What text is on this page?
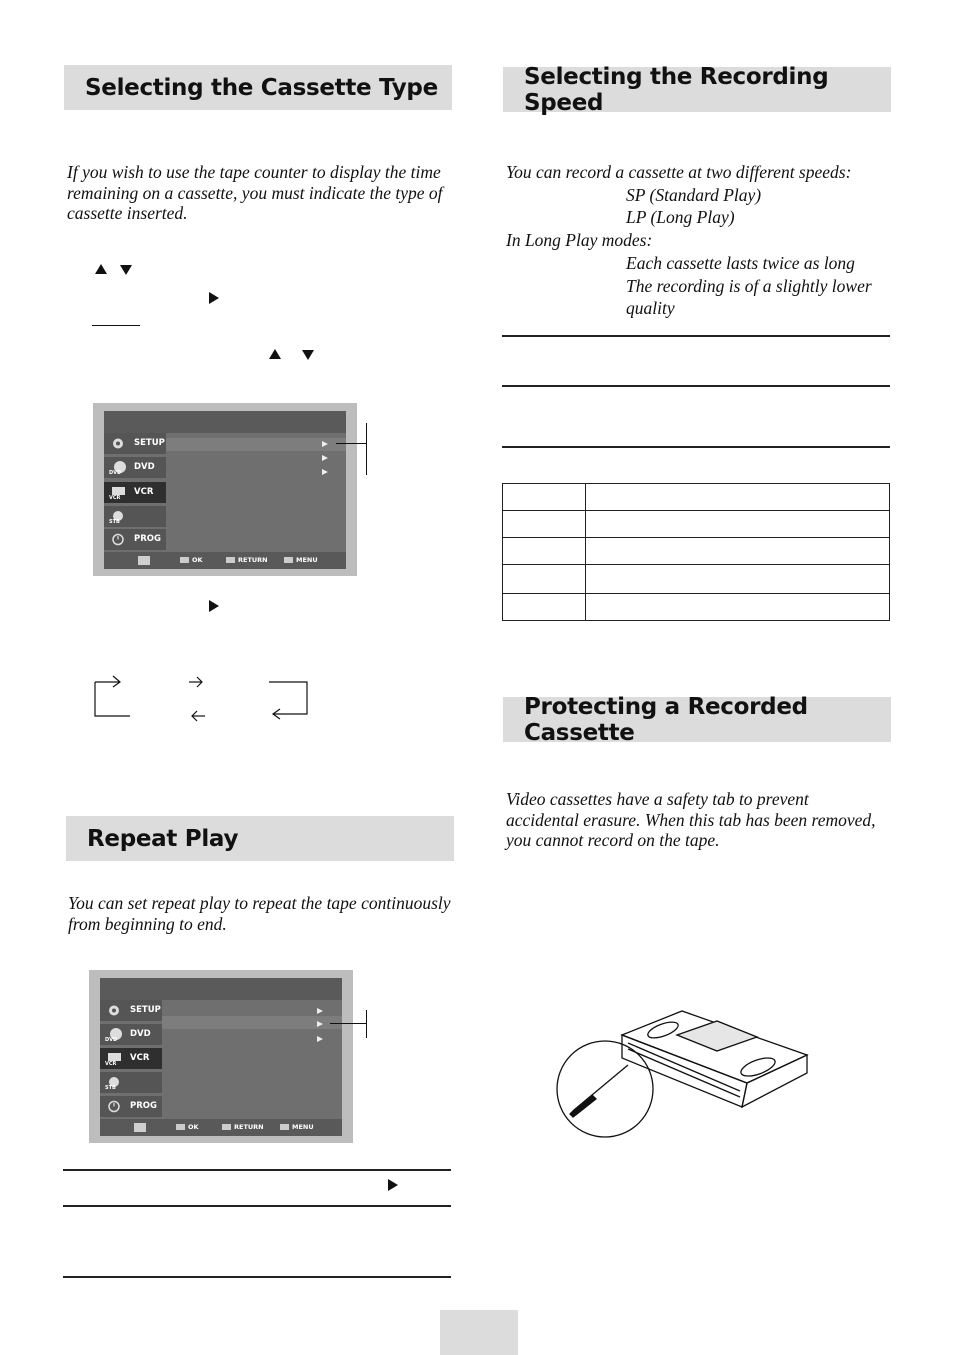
Selecting the Cassette Type
If you wish to use the tape counter to display the time remaining on a cassette, you must indicate the type of cassette inserted.
SETUP
DVD
DVD
VCR
VCR
STB
PROG
OK	RETURN	MENU
Repeat Play
You can set repeat play to repeat the tape continuously from beginning to end.
SETUP
DVD
DVD
VCR
VCR
STB
PROG
OK	RETURN	MENU
Selecting the Recording Speed
You can record a cassette at two different speeds:
SP (Standard Play)
LP (Long Play)
In Long Play modes:
Each cassette lasts twice as long
The recording is of a slightly lower
quality

Protecting a Recorded Cassette
Video cassettes have a safety tab to prevent accidental erasure. When this tab has been removed, you cannot record on the tape.
